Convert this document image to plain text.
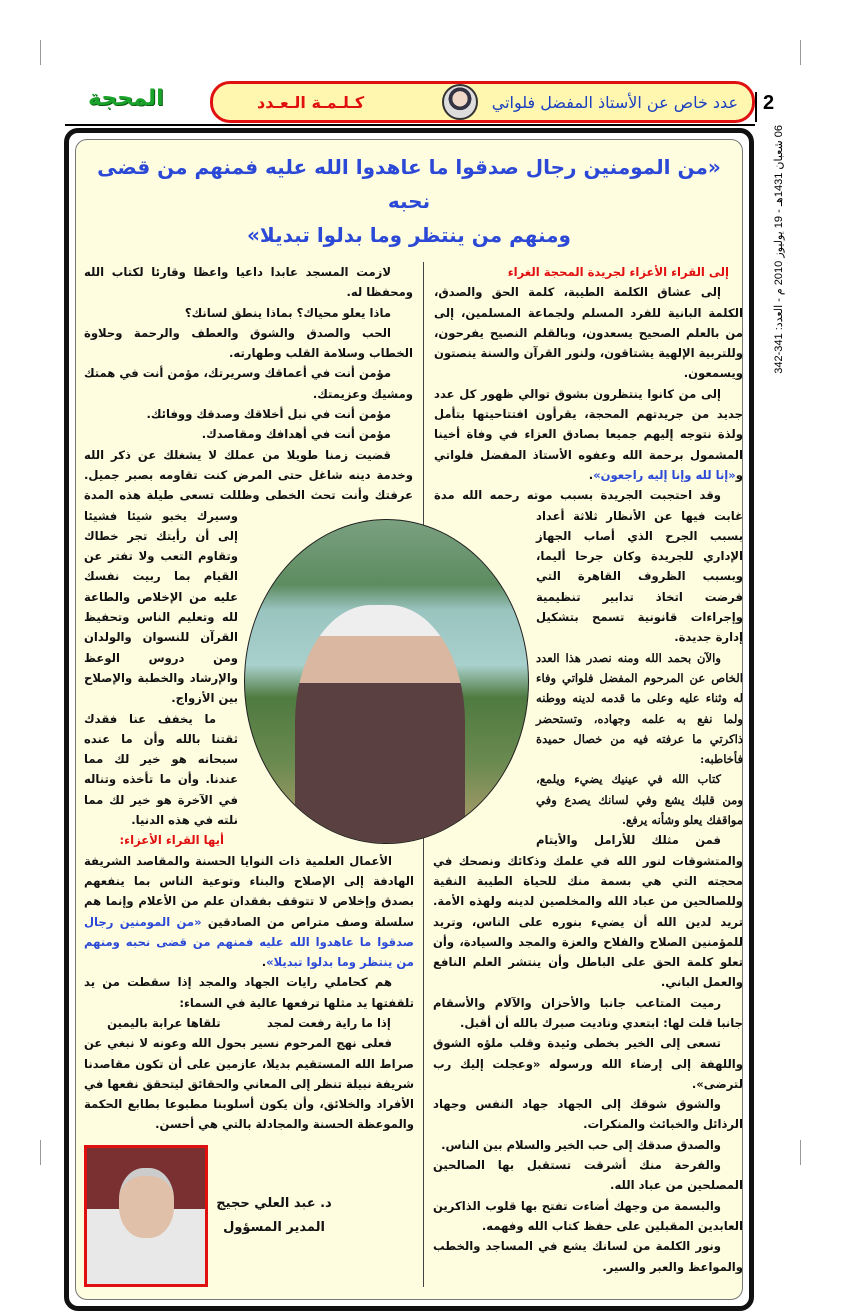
2
المحجة	عدد خاص عن الأستاذ المفضل فلواتي
كـلـمـة الـعـدد
06 شعبان 1431هـ - 19 يوليوز 2010 م - العدد: 341-342
«من المومنين رجال صدقوا ما عاهدوا الله عليه فمنهم من قضى نحبه
ومنهم من ينتظر وما بدلوا تبديلا»

لازمت المسجد عابدا داعيا واعظا وقارئا لكتاب الله ومحفظا له.

ماذا يعلو محياك؟ بماذا ينطق لسانك؟

الحب والصدق والشوق والعطف والرحمة وحلاوة الخطاب وسلامة القلب وطهارته.

مؤمن أنت في أعماقك وسريرتك، مؤمن أنت في همتك ومشيك وعزيمتك.

مؤمن أنت في نبل أخلاقك وصدقك ووفائك.

مؤمن أنت في أهدافك ومقاصدك.

قضيت زمنا طويلا من عملك لا يشغلك عن ذكر الله وخدمة دينه شاغل حتى المرض كنت تقاومه بصبر جميل. عرفتك وأنت تحث الخطى وظللت تسعى طيلة هذه المدة وسيرك يخبو شيئا فشيئا إلى أن رأيتك تجر خطاك وتقاوم التعب ولا تفتر عن القيام بما ربيت نفسك عليه من الإخلاص والطاعة لله وتعليم الناس وتحفيظ القرآن للنسوان والولدان ومن دروس الوعظ والإرشاد والخطبة والإصلاح بين الأزواج.

ما يخفف عنا فقدك ثقتنا بالله وأن ما عنده سبحانه هو خير لك مما عندنا. وأن ما تأخذه وتناله في الآخرة هو خير لك مما نلته في هذه الدنيا.

أيها القراء الأعزاء:

الأعمال العلمية ذات النوايا الحسنة والمقاصد الشريفة الهادفة إلى الإصلاح والبناء وتوعية الناس بما ينفعهم بصدق وإخلاص لا تتوقف بفقدان علم من الأعلام وإنما هم سلسلة وصف متراص من الصادقين «من المومنين رجال صدقوا ما عاهدوا الله عليه فمنهم من قضى نحبه ومنهم من ينتظر وما بدلوا تبديلا».

هم كحاملي رايات الجهاد والمجد إذا سقطت من يد تلقفتها يد مثلها ترفعها عالية في السماء:

إذا ما راية رفعت لمجد
تلقاها عرابة باليمين

فعلى نهج المرحوم نسير بحول الله وعونه لا نبغي عن صراط الله المستقيم بديلا، عازمين على أن تكون مقاصدنا شريفة نبيلة تنظر إلى المعاني والحقائق ليتحقق نفعها في الأفراد والخلائق، وأن يكون أسلوبنا مطبوعا بطابع الحكمة والموعظة الحسنة والمجادلة بالتي هي أحسن.

د. عبد العلي حجيج
المدير المسؤول

إلى القراء الأعزاء لجريدة المحجة الغراء

إلى عشاق الكلمة الطيبة، كلمة الحق والصدق، الكلمة البانية للفرد المسلم ولجماعة المسلمين، إلى من بالعلم الصحيح يسعدون، وبالقلم النصيح يفرحون، وللتربية الإلهية يشتاقون، ولنور القرآن والسنة ينصتون ويسمعون.

إلى من كانوا ينتظرون بشوق توالي ظهور كل عدد جديد من جريدتهم المحجة، يقرأون افتتاحيتها بتأمل ولذة نتوجه إليهم جميعا بصادق العزاء في وفاة أخينا المشمول برحمة الله وعفوه الأستاذ المفضل فلواتي و«إنا لله وإنا إليه راجعون».

وقد احتجبت الجريدة بسبب موته رحمه الله مدة غابت فيها عن الأنظار ثلاثة أعداد بسبب الجرح الذي أصاب الجهاز الإداري للجريدة وكان جرحا أليما، وبسبب الظروف القاهرة التي فرضت اتخاذ تدابير تنظيمية وإجراءات قانونية تسمح بتشكيل إدارة جديدة.

والآن بحمد الله ومنه نصدر هذا العدد الخاص عن المرحوم المفضل فلواتي وفاء له وثناء عليه وعلى ما قدمه لدينه ووطنه ولما نفع به علمه وجهاده، وتستحضر ذاكرتي ما عرفته فيه من خصال حميدة فأخاطبه:

كتاب الله في عينيك يضيء ويلمع، ومن قلبك يشع وفي لسانك يصدع وفي مواقفك يعلو وشأنه يرفع.

فمن مثلك للأرامل والأيتام والمتشوقات لنور الله في علمك وذكائك ونصحك في محجته التي هي بسمة منك للحياة الطيبة النقية وللصالحين من عباد الله والمخلصين لدينه ولهذه الأمة. تريد لدين الله أن يضيء بنوره على الناس، وتريد للمؤمنين الصلاح والفلاح والعزة والمجد والسيادة، وأن تعلو كلمة الحق على الباطل وأن ينتشر العلم النافع والعمل الباني.

رميت المتاعب جانبا والأحزان والآلام والأسقام جانبا قلت لها: ابتعدي وناديت صبرك بالله أن أقبل.

تسعى إلى الخير بخطى وئيدة وقلب ملؤه الشوق واللهفة إلى إرضاء الله ورسوله «وعجلت إليك رب لترضى».

والشوق شوقك إلى الجهاد جهاد النفس وجهاد الرذائل والخبائث والمنكرات.

والصدق صدقك إلى حب الخير والسلام بين الناس.

والفرحة منك أشرقت تستقبل بها الصالحين المصلحين من عباد الله.

والبسمة من وجهك أضاءت تفتح بها قلوب الذاكرين العابدين المقبلين على حفظ كتاب الله وفهمه.

ونور الكلمة من لسانك يشع في المساجد والخطب والمواعظ والعبر والسير.
